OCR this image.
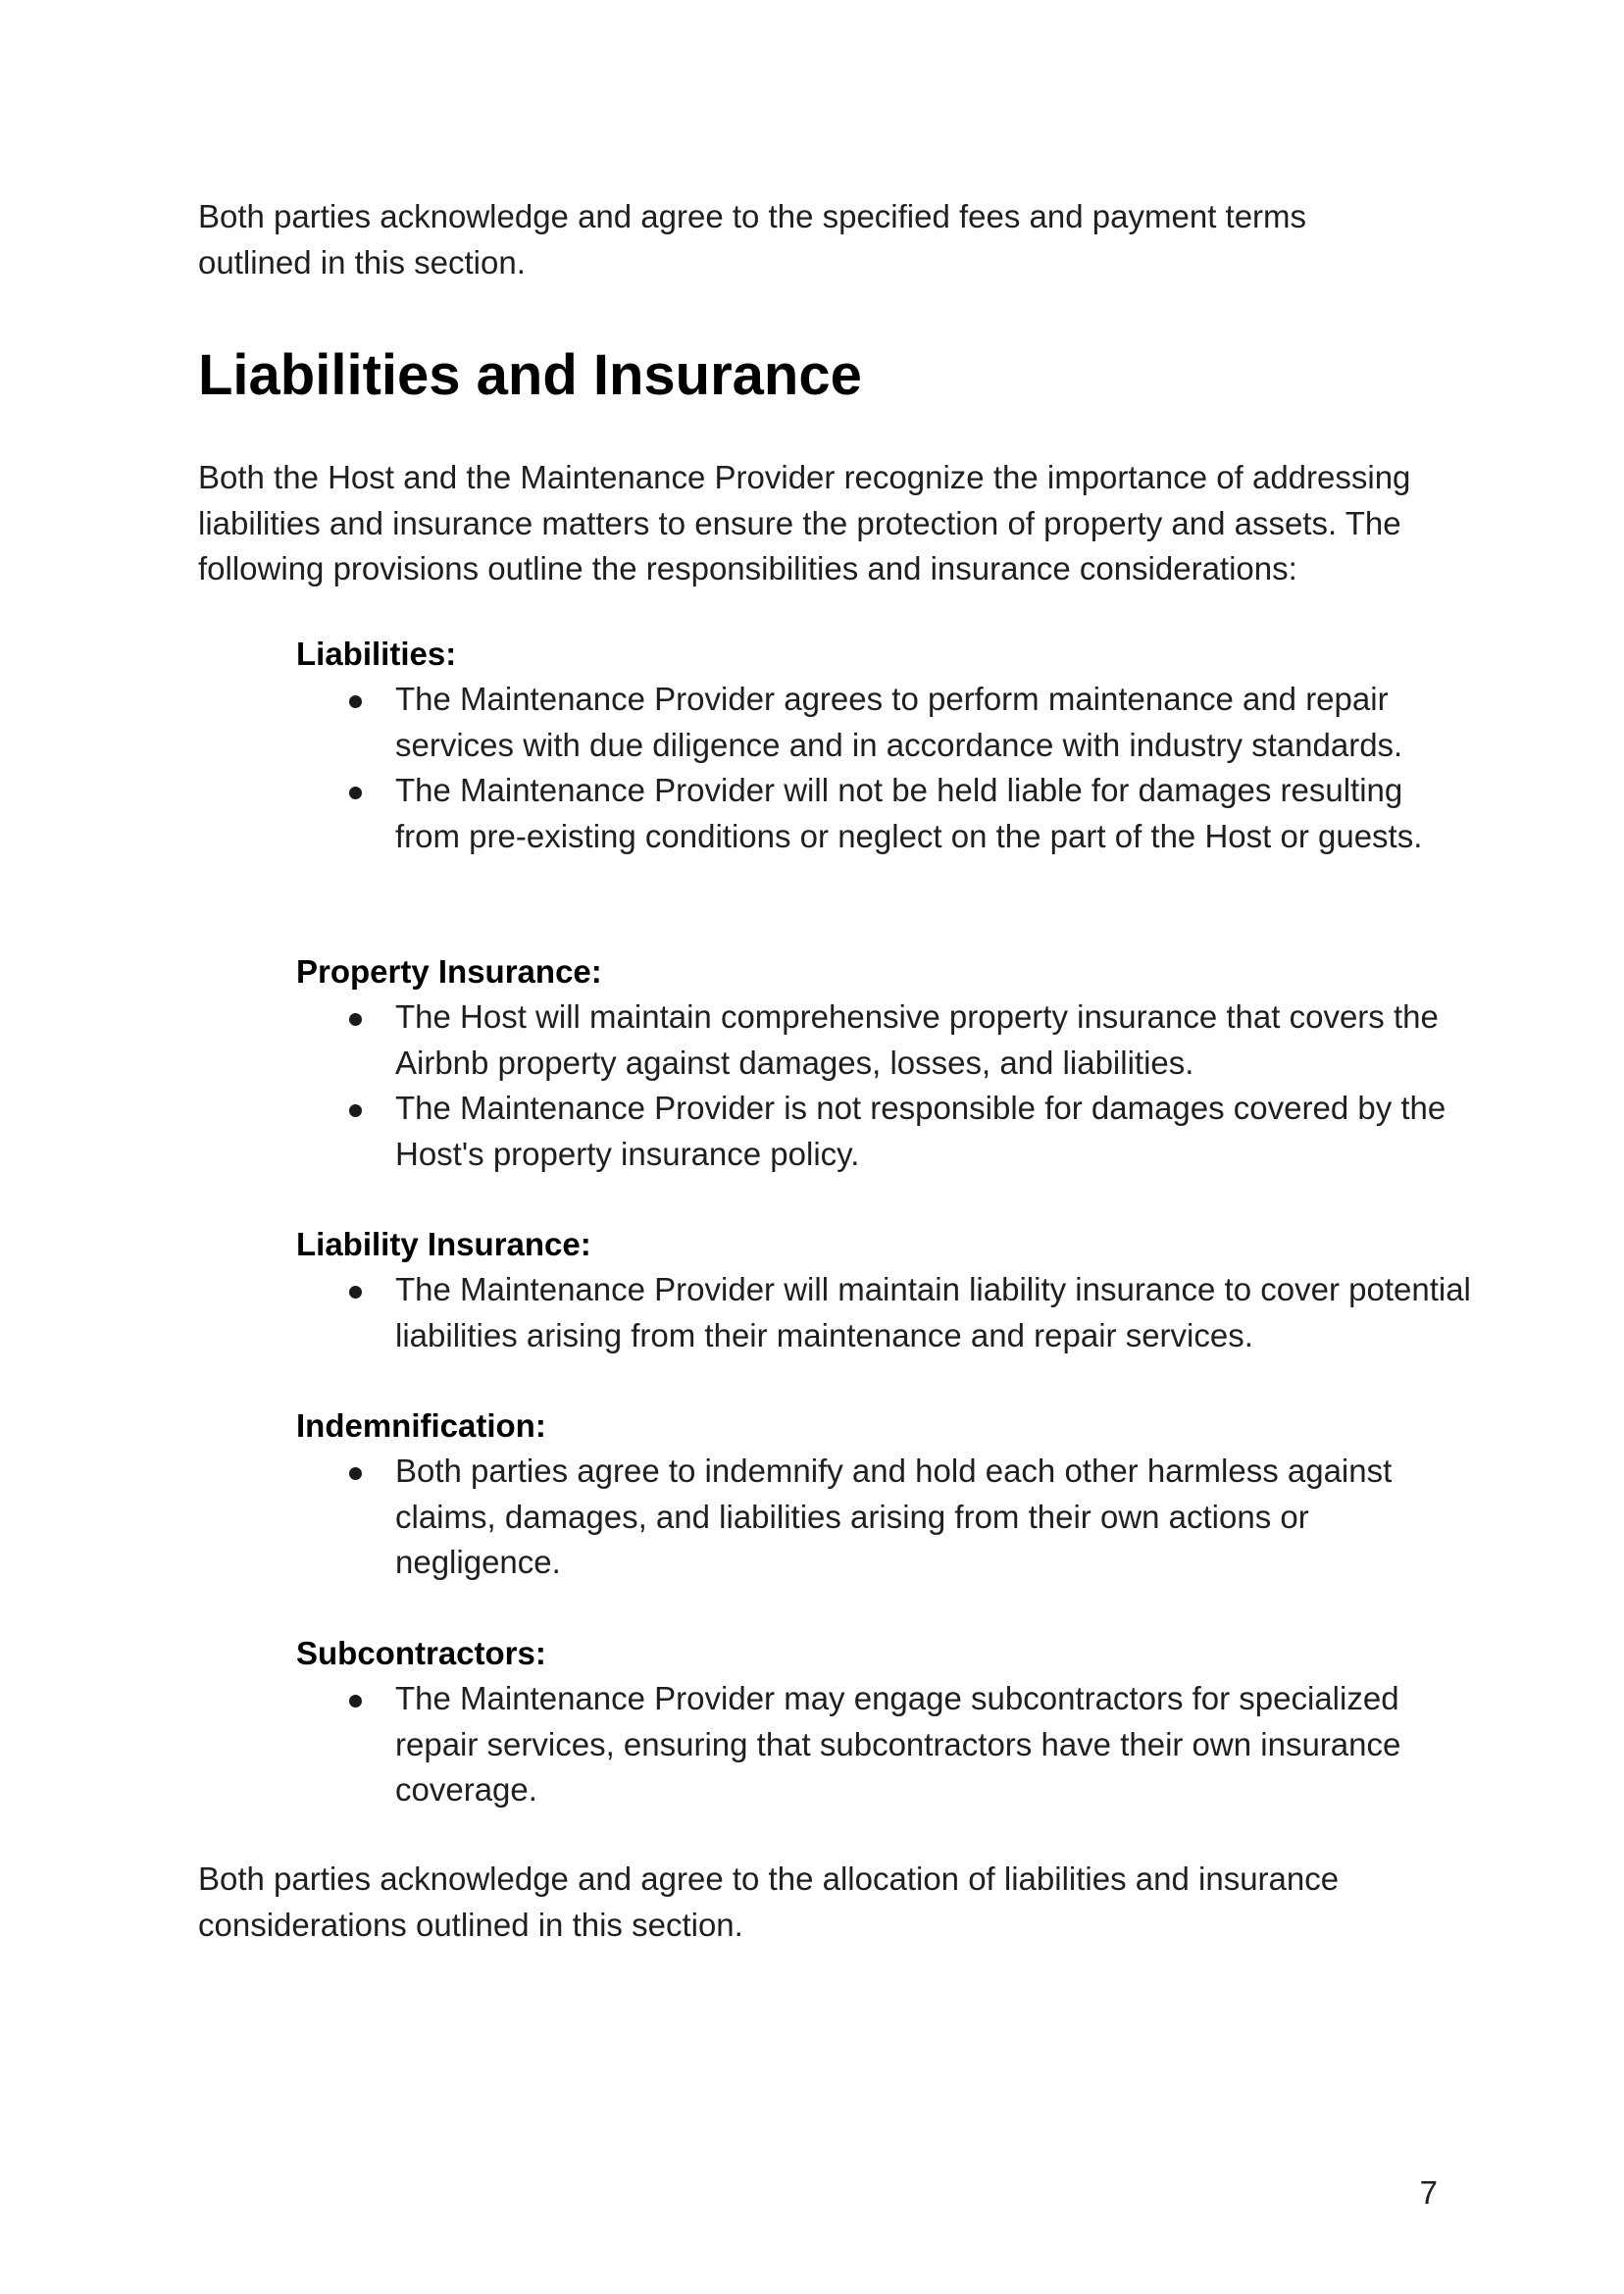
Both parties acknowledge and agree to the specified fees and payment terms outlined in this section.

Liabilities and Insurance

Both the Host and the Maintenance Provider recognize the importance of addressing liabilities and insurance matters to ensure the protection of property and assets. The following provisions outline the responsibilities and insurance considerations:

Liabilities:
The Maintenance Provider agrees to perform maintenance and repair services with due diligence and in accordance with industry standards.
The Maintenance Provider will not be held liable for damages resulting from pre-existing conditions or neglect on the part of the Host or guests.
Property Insurance:
The Host will maintain comprehensive property insurance that covers the Airbnb property against damages, losses, and liabilities.
The Maintenance Provider is not responsible for damages covered by the Host's property insurance policy.
Liability Insurance:
The Maintenance Provider will maintain liability insurance to cover potential liabilities arising from their maintenance and repair services.
Indemnification:
Both parties agree to indemnify and hold each other harmless against claims, damages, and liabilities arising from their own actions or negligence.
Subcontractors:
The Maintenance Provider may engage subcontractors for specialized repair services, ensuring that subcontractors have their own insurance coverage.

Both parties acknowledge and agree to the allocation of liabilities and insurance considerations outlined in this section.

7
